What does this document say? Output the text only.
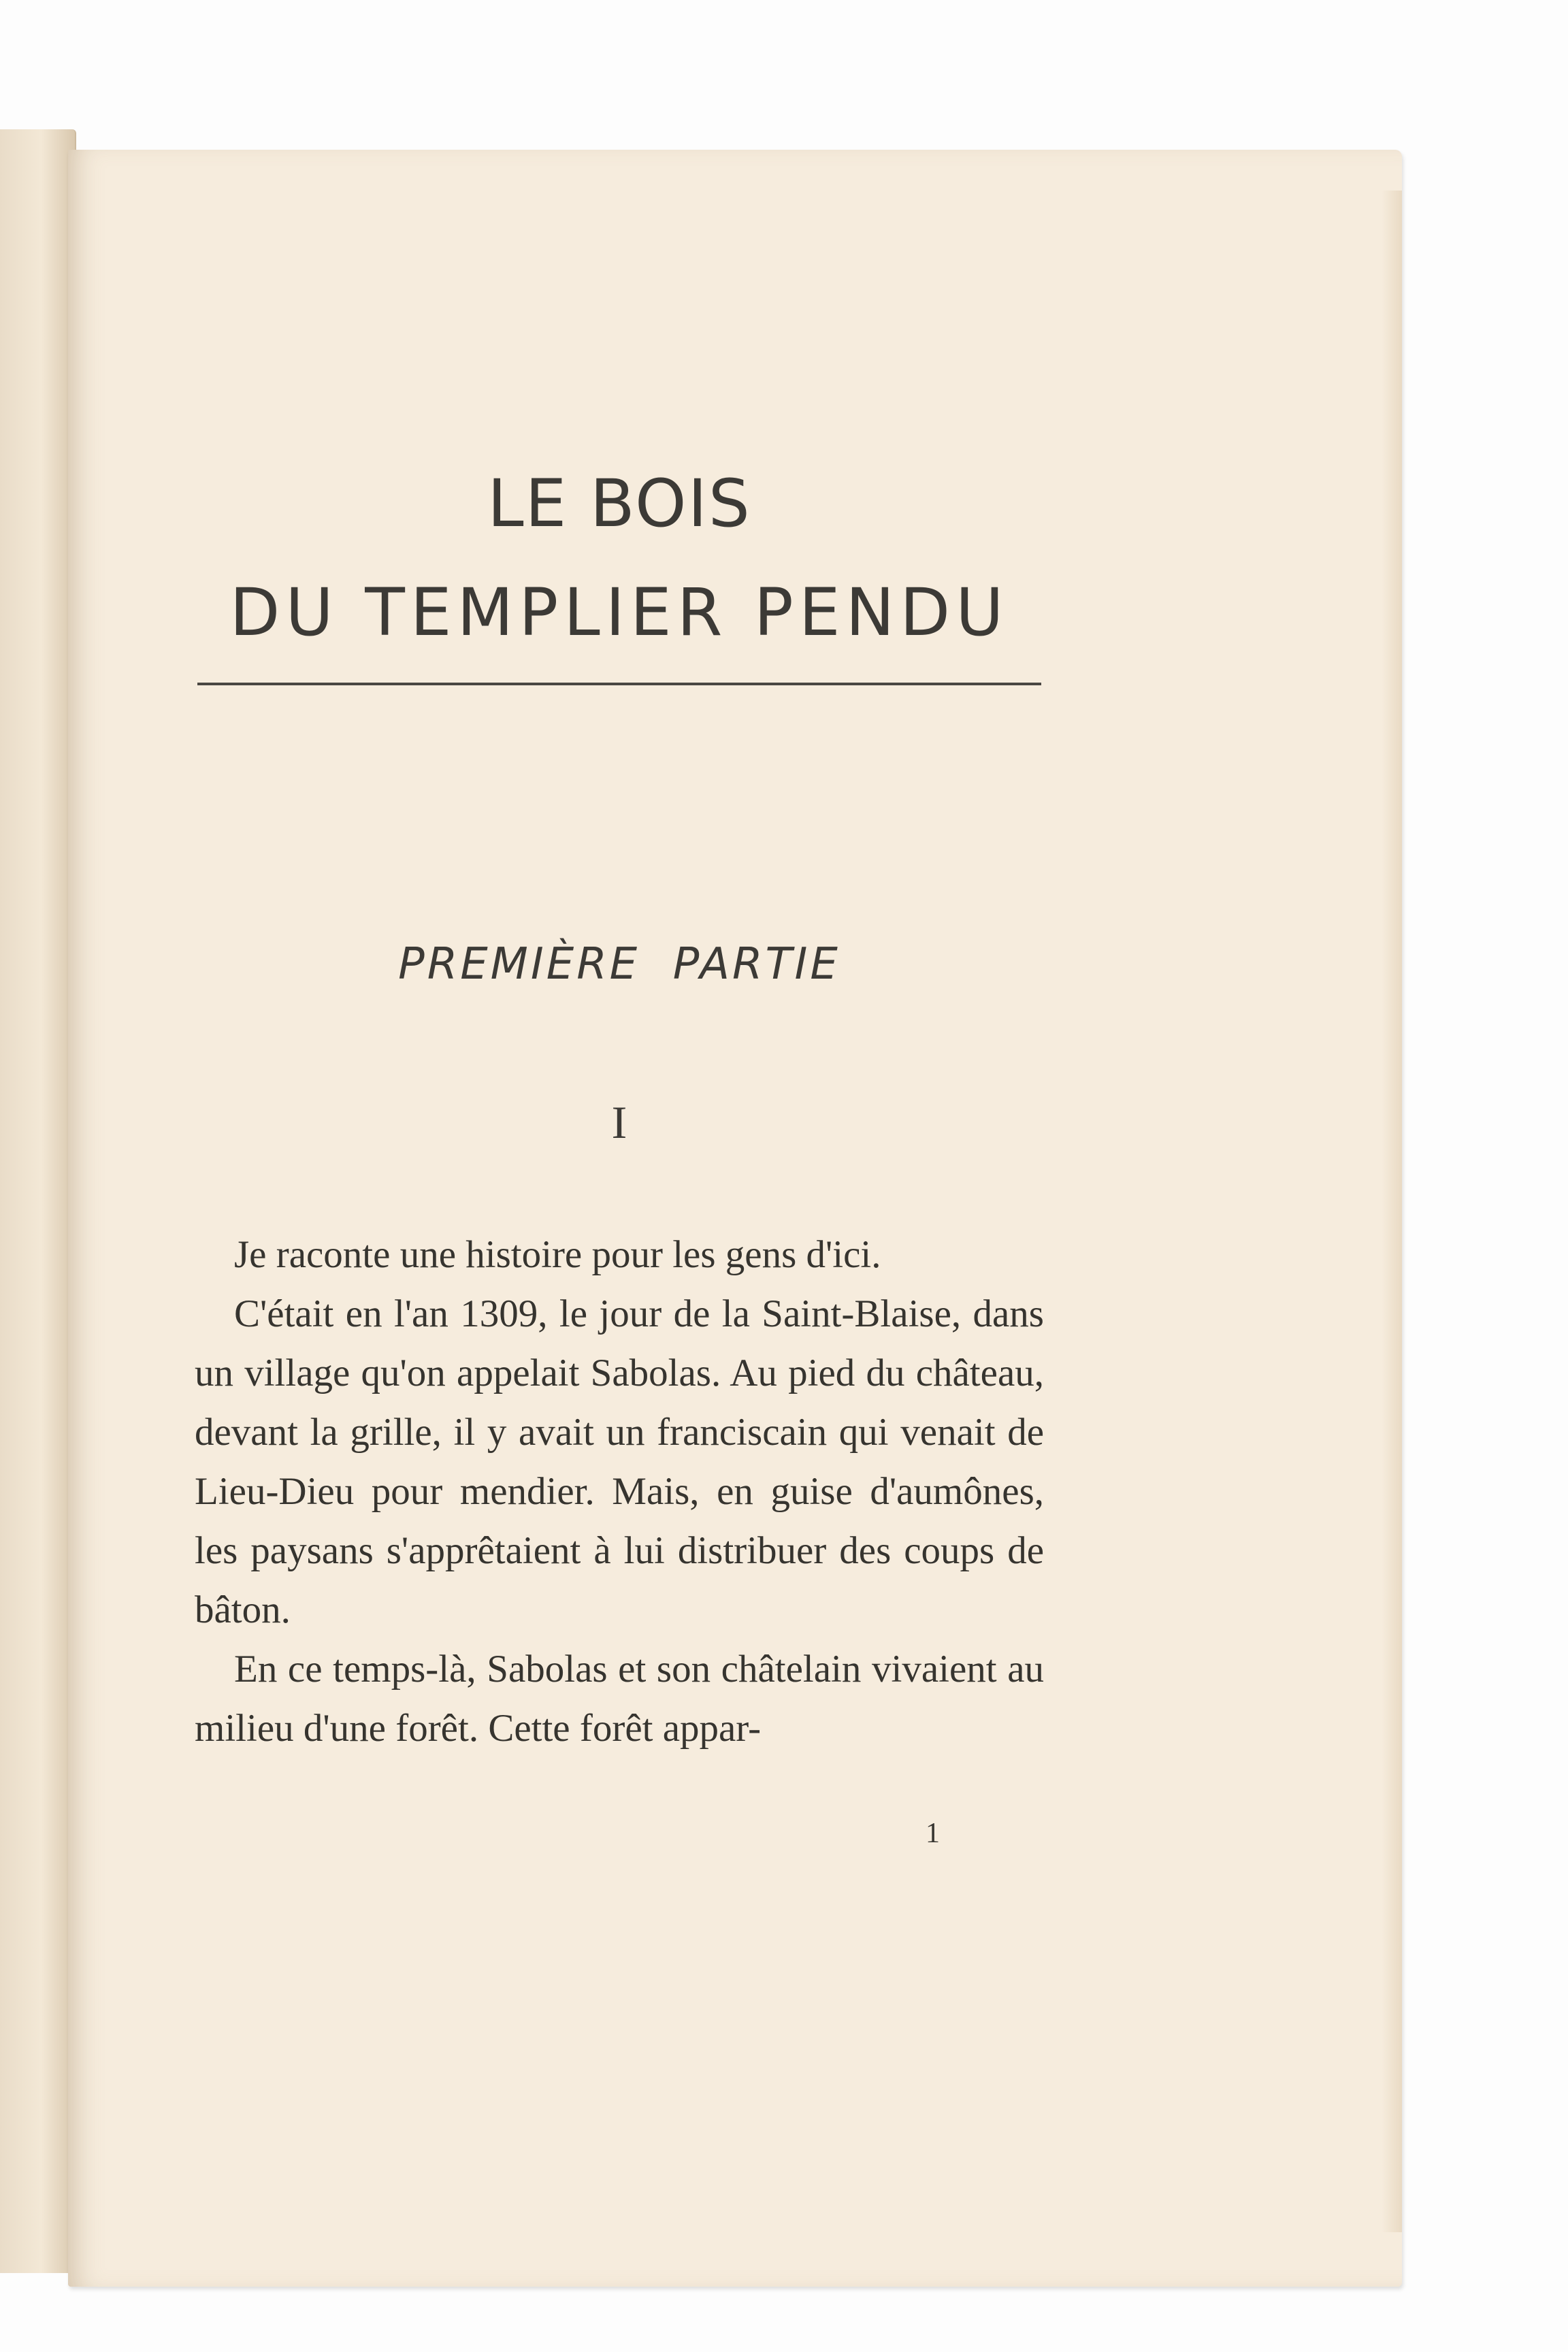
LE BOIS
DU TEMPLIER PENDU
PREMIÈRE  PARTIE
I

Je raconte une histoire pour les gens d'ici.

C'était en l'an 1309, le jour de la Saint-Blaise, dans un village qu'on appelait Sabolas. Au pied du château, devant la grille, il y avait un franciscain qui venait de Lieu-Dieu pour mendier. Mais, en guise d'aumônes, les paysans s'apprêtaient à lui distribuer des coups de bâton.

En ce temps-là, Sabolas et son châtelain vivaient au milieu d'une forêt. Cette forêt appar-

1
